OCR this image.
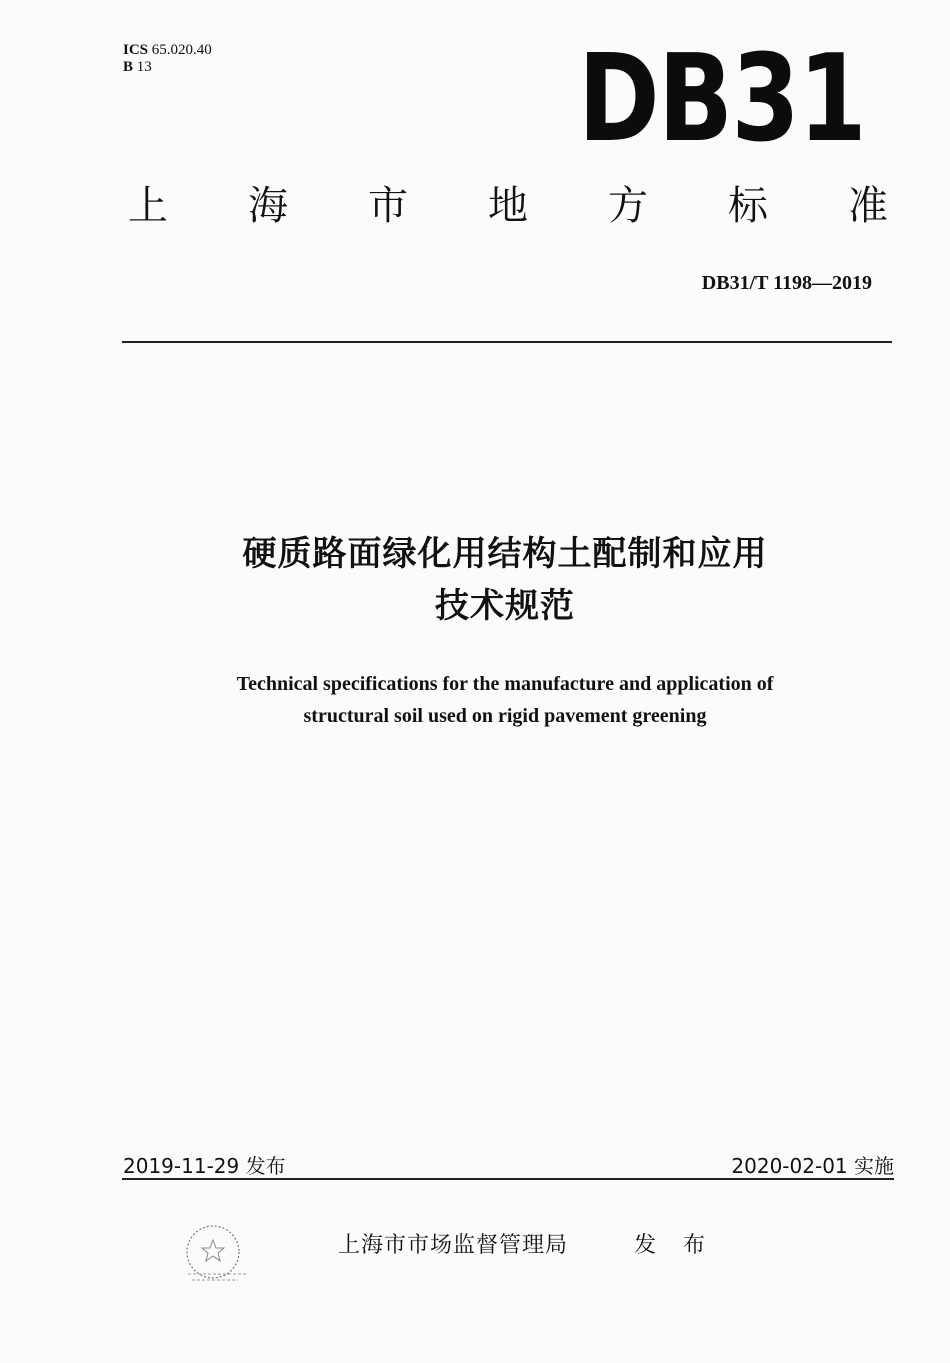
ICS 65.020.40
B 13	DB31
上 海 市 地 方 标 准
DB31/T 1198—2019
硬质路面绿化用结构土配制和应用
技术规范
Technical specifications for the manufacture and application of
structural soil used on rigid pavement greening
2019-11-29 发布	2020-02-01 实施
上海市市场监督管理局	发 布
